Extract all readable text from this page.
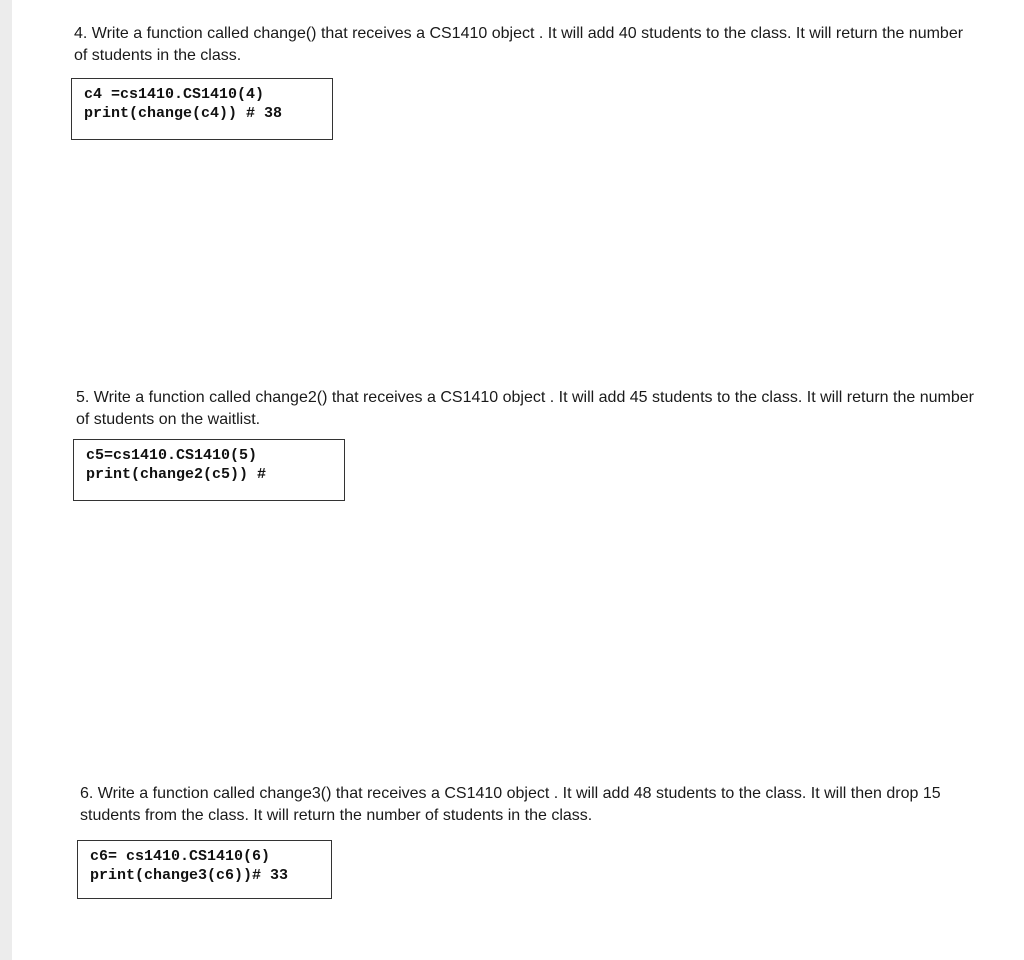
4. Write a function called change() that receives a CS1410 object . It will add 40 students to the class. It will return the number of students in the class.
c4 =cs1410.CS1410(4)
print(change(c4)) # 38
5. Write a function called change2() that receives a CS1410 object . It will add 45 students to the class. It will return the number of students on the waitlist.
c5=cs1410.CS1410(5)
print(change2(c5)) #
6. Write a function called change3() that receives a CS1410 object . It will add 48 students to the class. It will then drop 15 students from the class. It will return the number of students in the class.
c6= cs1410.CS1410(6)
print(change3(c6))# 33
